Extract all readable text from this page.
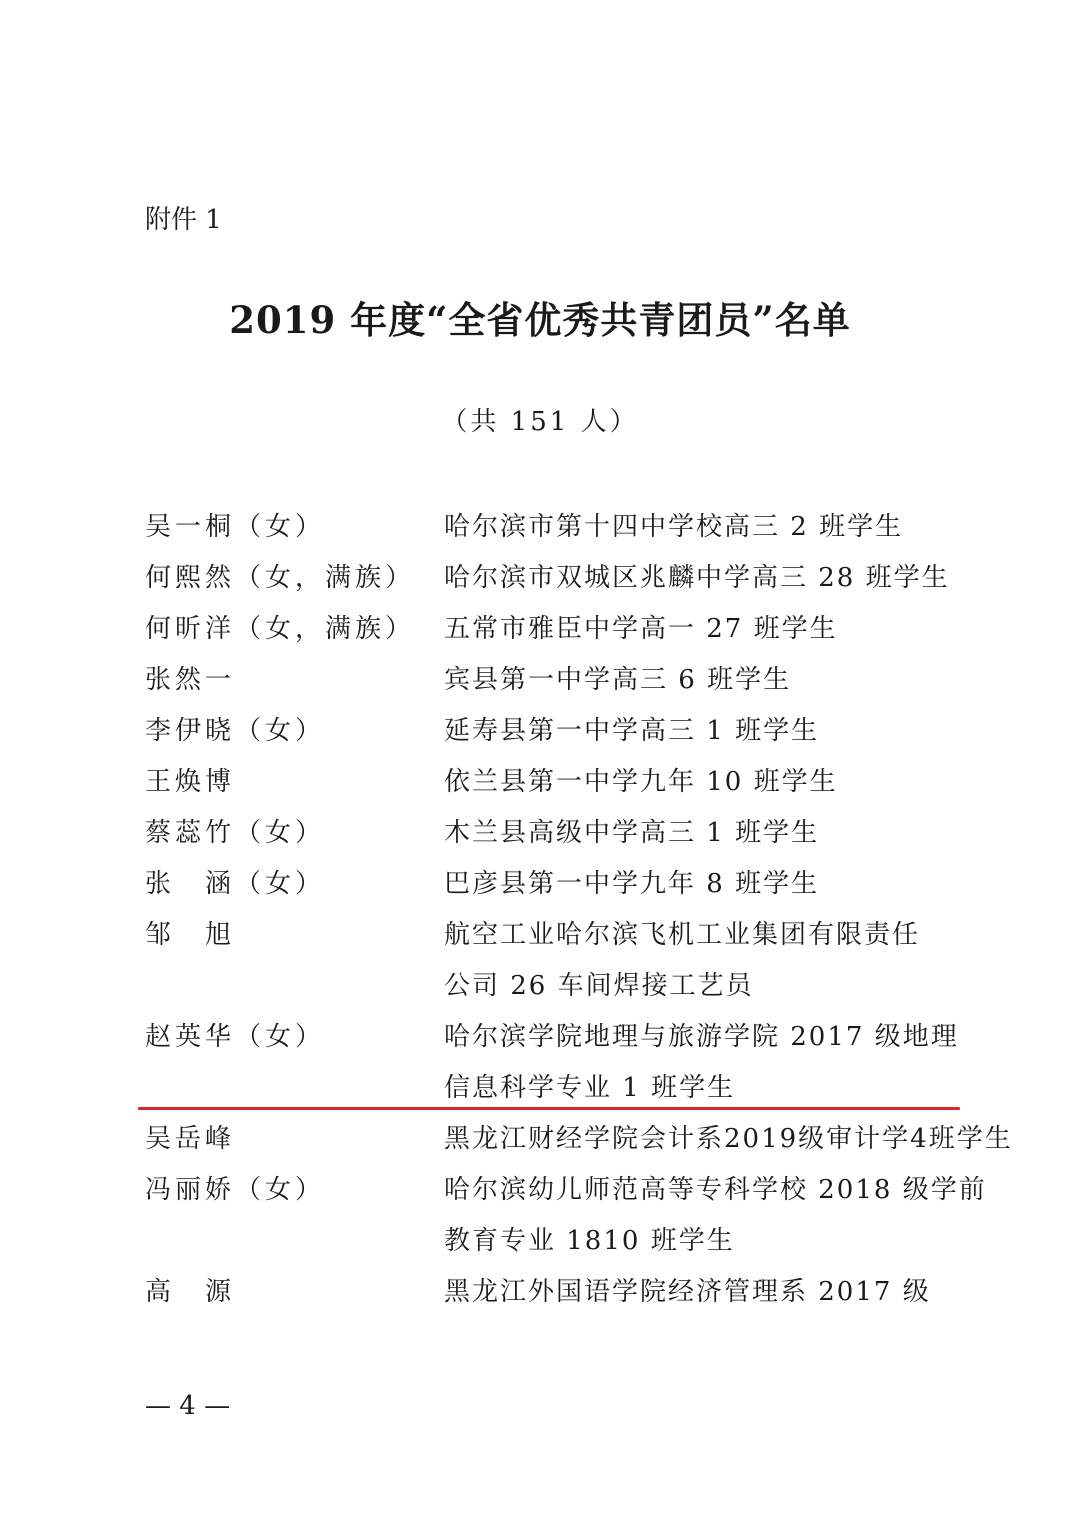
附件 1
2019 年度“全省优秀共青团员”名单
（共 151 人）
吴一桐（女）	哈尔滨市第十四中学校高三 2 班学生
何熙然（女，满族）	哈尔滨市双城区兆麟中学高三 28 班学生
何昕洋（女，满族）	五常市雅臣中学高一 27 班学生
张然一	宾县第一中学高三 6 班学生
李伊晓（女）	延寿县第一中学高三 1 班学生
王焕博	依兰县第一中学九年 10 班学生
蔡蕊竹（女）	木兰县高级中学高三 1 班学生
张　涵（女）	巴彦县第一中学九年 8 班学生
邹　旭	航空工业哈尔滨飞机工业集团有限责任
公司 26 车间焊接工艺员
赵英华（女）	哈尔滨学院地理与旅游学院 2017 级地理
信息科学专业 1 班学生
吴岳峰	黑龙江财经学院会计系2019级审计学4班学生
冯丽娇（女）	哈尔滨幼儿师范高等专科学校 2018 级学前
教育专业 1810 班学生
高　源	黑龙江外国语学院经济管理系 2017 级
— 4 —
